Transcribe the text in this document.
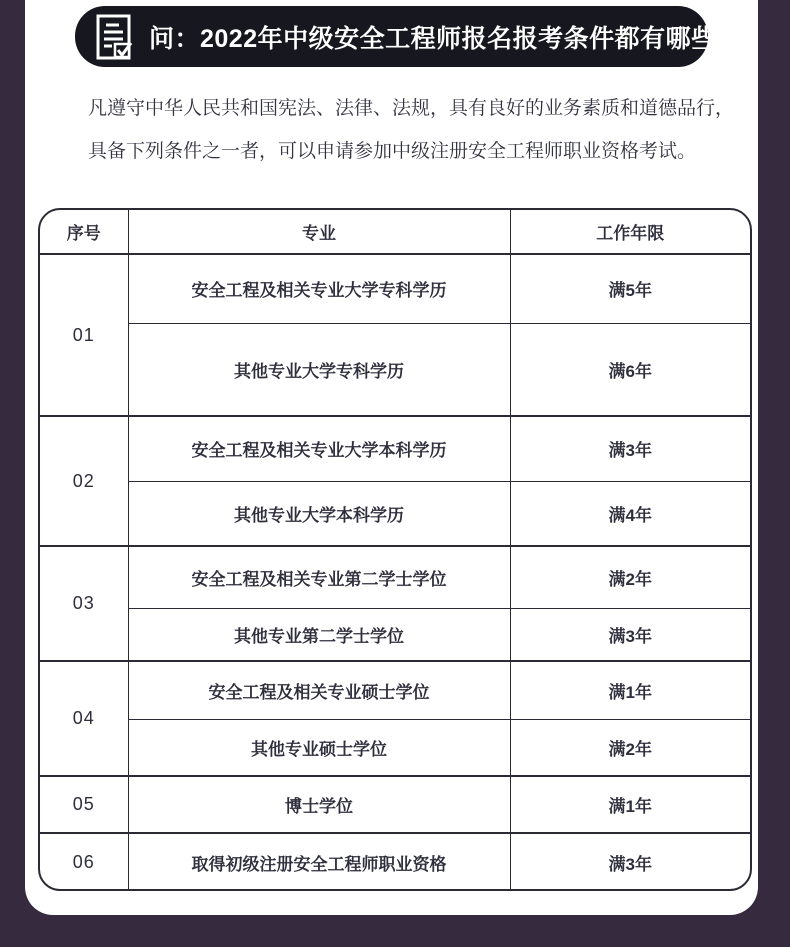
问：2022年中级安全工程师报名报考条件都有哪些？
凡遵守中华人民共和国宪法、法律、法规，具有良好的业务素质和道德品行，
具备下列条件之一者，可以申请参加中级注册安全工程师职业资格考试。
序号	专业	工作年限
01	安全工程及相关专业大学专科学历	满5年
	其他专业大学专科学历	满6年
02	安全工程及相关专业大学本科学历	满3年
	其他专业大学本科学历	满4年
03	安全工程及相关专业第二学士学位	满2年
	其他专业第二学士学位	满3年
04	安全工程及相关专业硕士学位	满1年
	其他专业硕士学位	满2年
05	博士学位	满1年
06	取得初级注册安全工程师职业资格	满3年
